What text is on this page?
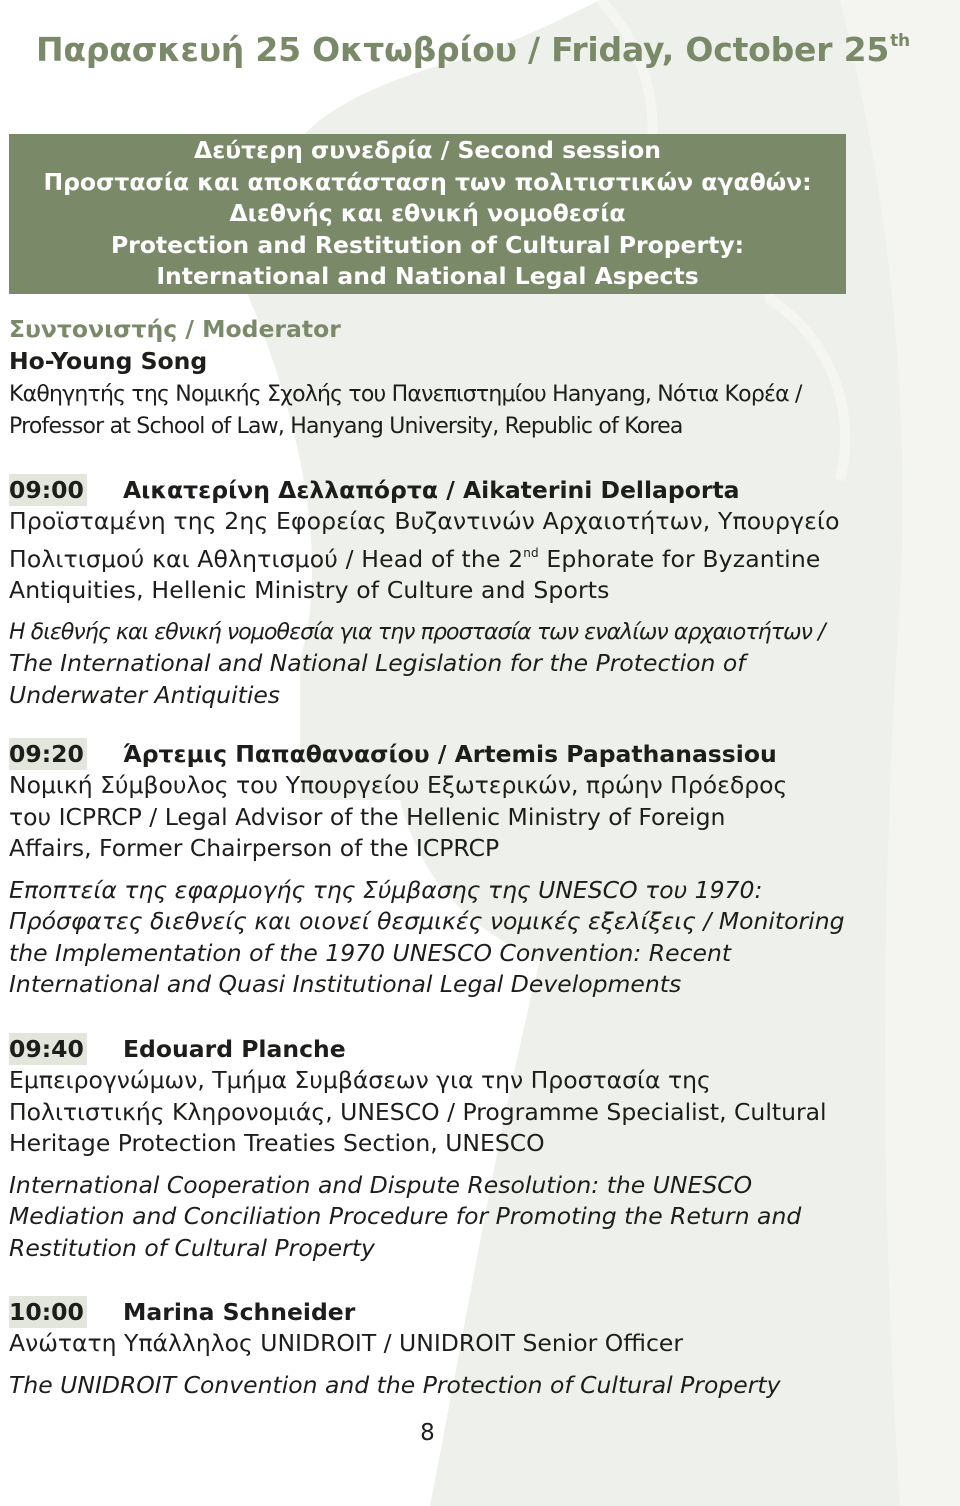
Παρασκευή 25 Οκτωβρίου / Friday, October 25th
Δεύτερη συνεδρία / Second session
Προστασία και αποκατάσταση των πολιτιστικών αγαθών:
Διεθνής και εθνική νομοθεσία
Protection and Restitution of Cultural Property:
International and National Legal Aspects
Συντονιστής / Moderator
Ho-Young Song
Καθηγητής της Νομικής Σχολής του Πανεπιστημίου Hanyang, Νότια Κορέα /
Professor at School of Law, Hanyang University, Republic of Korea
09:00 Αικατερίνη Δελλαπόρτα / Aikaterini Dellaporta
Προϊσταμένη της 2ης Εφορείας Βυζαντινών Αρχαιοτήτων, Υπουργείο
Πολιτισμού και Αθλητισμού / Head of the 2nd Ephorate for Byzantine
Antiquities, Hellenic Ministry of Culture and Sports
Η διεθνής και εθνική νομοθεσία για την προστασία των εναλίων αρχαιοτήτων /
The International and National Legislation for the Protection of
Underwater Antiquities
09:20 Άρτεμις Παπαθανασίου / Artemis Papathanassiou
Νομική Σύμβουλος του Υπουργείου Εξωτερικών, πρώην Πρόεδρος
του ICPRCP / Legal Advisor of the Hellenic Ministry of Foreign
Affairs, Former Chairperson of the ICPRCP
Εποπτεία της εφαρμογής της Σύμβασης της UNESCO του 1970:
Πρόσφατες διεθνείς και οιονεί θεσμικές νομικές εξελίξεις / Monitoring
the Implementation of the 1970 UNESCO Convention: Recent
International and Quasi Institutional Legal Developments
09:40 Edouard Planche
Εμπειρογνώμων, Τμήμα Συμβάσεων για την Προστασία της
Πολιτιστικής Κληρονομιάς, UNESCO / Programme Specialist, Cultural
Heritage Protection Treaties Section, UNESCO
International Cooperation and Dispute Resolution: the UNESCO
Mediation and Conciliation Procedure for Promoting the Return and
Restitution of Cultural Property
10:00 Marina Schneider
Ανώτατη Υπάλληλος UNIDROIT / UNIDROIT Senior Officer
The UNIDROIT Convention and the Protection of Cultural Property
8
